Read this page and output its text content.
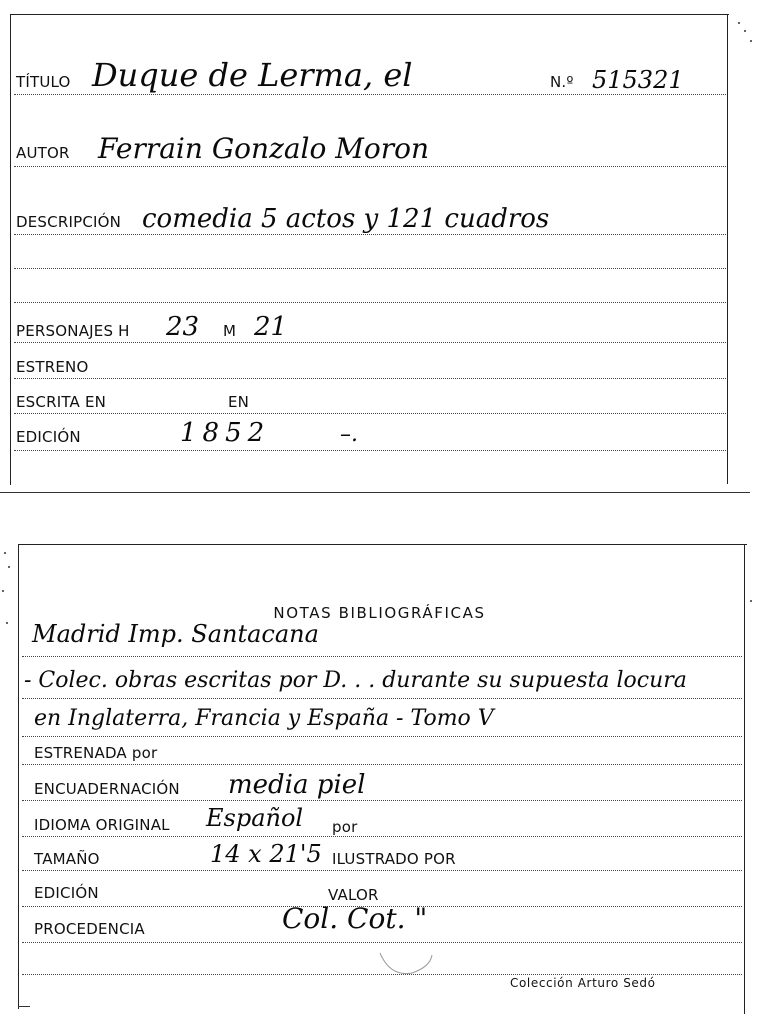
TÍTULO Duque de Lerma, el	N.º 515321
AUTOR Ferrain Gonzalo Moron
DESCRIPCIÓN comedia 5 actos y 121 cuadros
PERSONAJES H 23 M 21
ESTRENO
ESCRITA EN	EN
EDICIÓN	1852	–.
NOTAS BIBLIOGRÁFICAS
Madrid Imp. Santacana
- Colec. obras escritas por D. . . durante su supuesta locura
en Inglaterra, Francia y España - Tomo V
ESTRENADA por
ENCUADERNACIÓN media piel
IDIOMA ORIGINAL Español por
TAMAÑO	14 x 21'5 ILUSTRADO POR
EDICIÓN	VALOR
PROCEDENCIA	Col. Cot. "
Colección Arturo Sedó
